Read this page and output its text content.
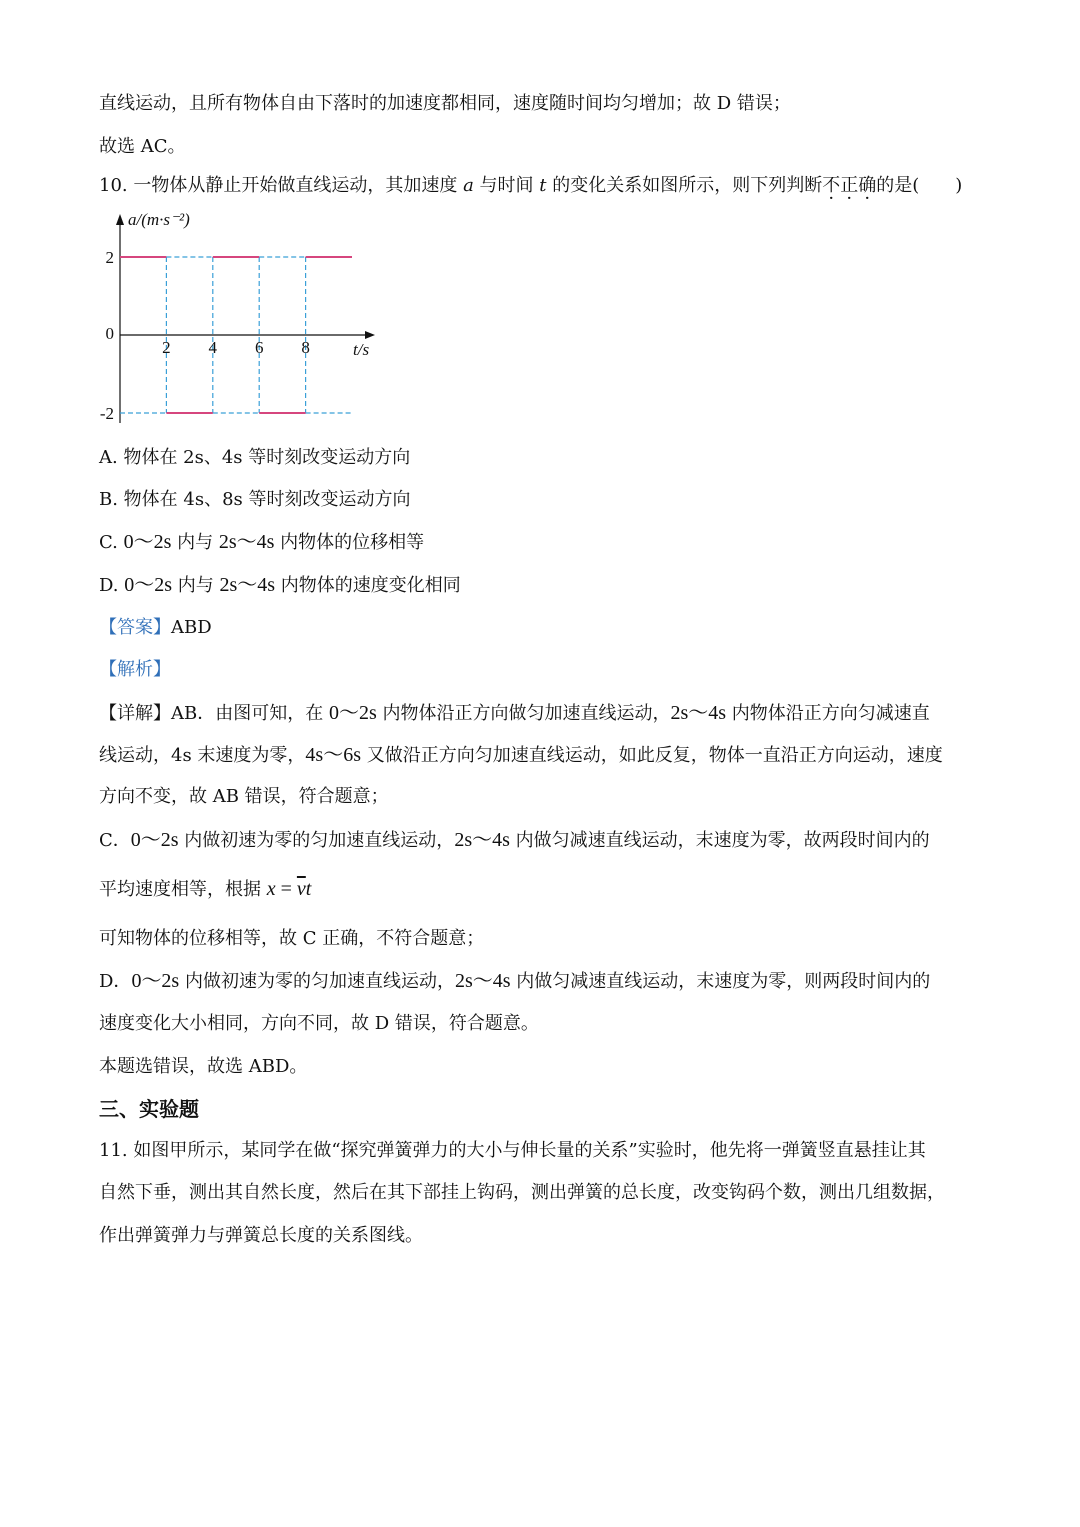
直线运动，且所有物体自由下落时的加速度都相同，速度随时间均匀增加；故 D 错误；
故选 AC。
10. 一物体从静止开始做直线运动，其加速度 a 与时间 t 的变化关系如图所示，则下列判断不正确的是(　　)
2 4 6 8
2
0
-2
a/(m·s⁻²)
t/s
A. 物体在 2s、4s 等时刻改变运动方向
B. 物体在 4s、8s 等时刻改变运动方向
C. 0～2s 内与 2s～4s 内物体的位移相等
D. 0～2s 内与 2s～4s 内物体的速度变化相同
【答案】ABD
【解析】
【详解】AB．由图可知，在 0～2s 内物体沿正方向做匀加速直线运动，2s～4s 内物体沿正方向匀减速直
线运动，4s 末速度为零，4s～6s 又做沿正方向匀加速直线运动，如此反复，物体一直沿正方向运动，速度
方向不变，故 AB 错误，符合题意；
C．0～2s 内做初速为零的匀加速直线运动，2s～4s 内做匀减速直线运动，末速度为零，故两段时间内的
平均速度相等，根据 $x = \overline{v}t$
可知物体的位移相等，故 C 正确，不符合题意；
D．0～2s 内做初速为零的匀加速直线运动，2s～4s 内做匀减速直线运动，末速度为零，则两段时间内的
速度变化大小相同，方向不同，故 D 错误，符合题意。
本题选错误，故选 ABD。
三、实验题
11. 如图甲所示，某同学在做“探究弹簧弹力的大小与伸长量的关系”实验时，他先将一弹簧竖直悬挂让其
自然下垂，测出其自然长度，然后在其下部挂上钩码，测出弹簧的总长度，改变钩码个数，测出几组数据，
作出弹簧弹力与弹簧总长度的关系图线。
